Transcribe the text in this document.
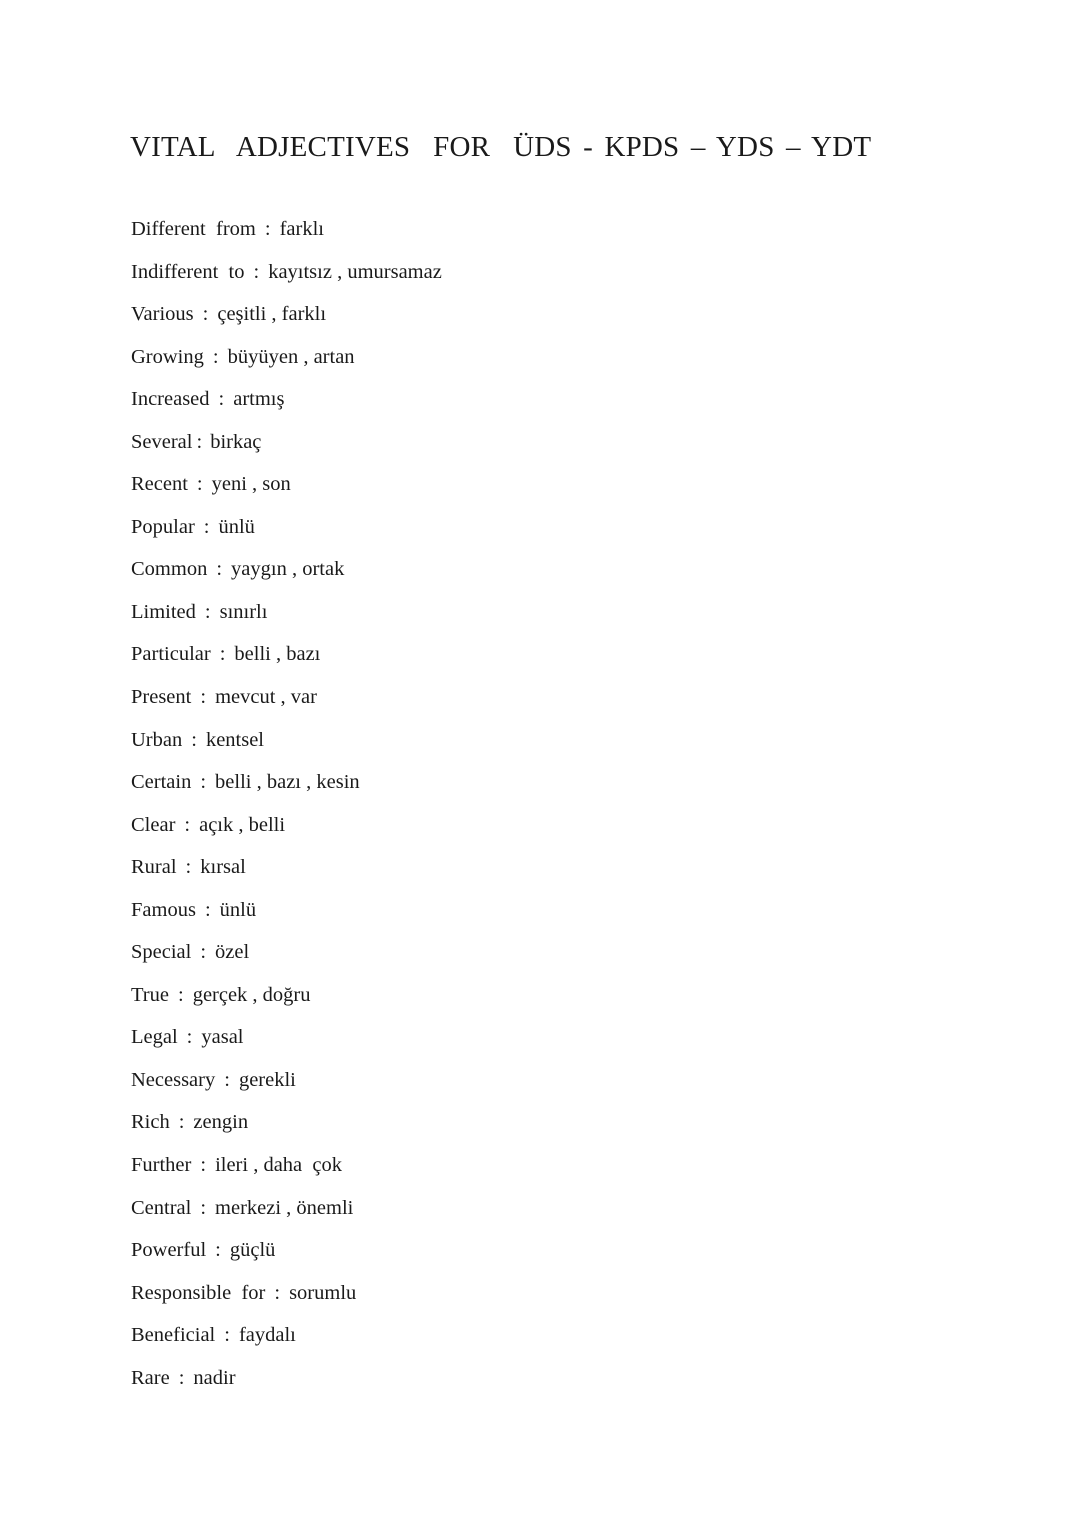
VITAL  ADJECTIVES  FOR  ÜDS - KPDS – YDS – YDT
Different  from : farklı
Indifferent  to : kayıtsız , umursamaz
Various : çeşitli , farklı
Growing : büyüyen , artan
Increased : artmış
Several : birkaç
Recent : yeni , son
Popular : ünlü
Common : yaygın , ortak
Limited : sınırlı
Particular : belli , bazı
Present : mevcut , var
Urban : kentsel
Certain : belli , bazı , kesin
Clear : açık , belli
Rural : kırsal
Famous : ünlü
Special : özel
True : gerçek , doğru
Legal : yasal
Necessary : gerekli
Rich : zengin
Further : ileri , daha  çok
Central : merkezi , önemli
Powerful : güçlü
Responsible  for : sorumlu
Beneficial : faydalı
Rare : nadir
